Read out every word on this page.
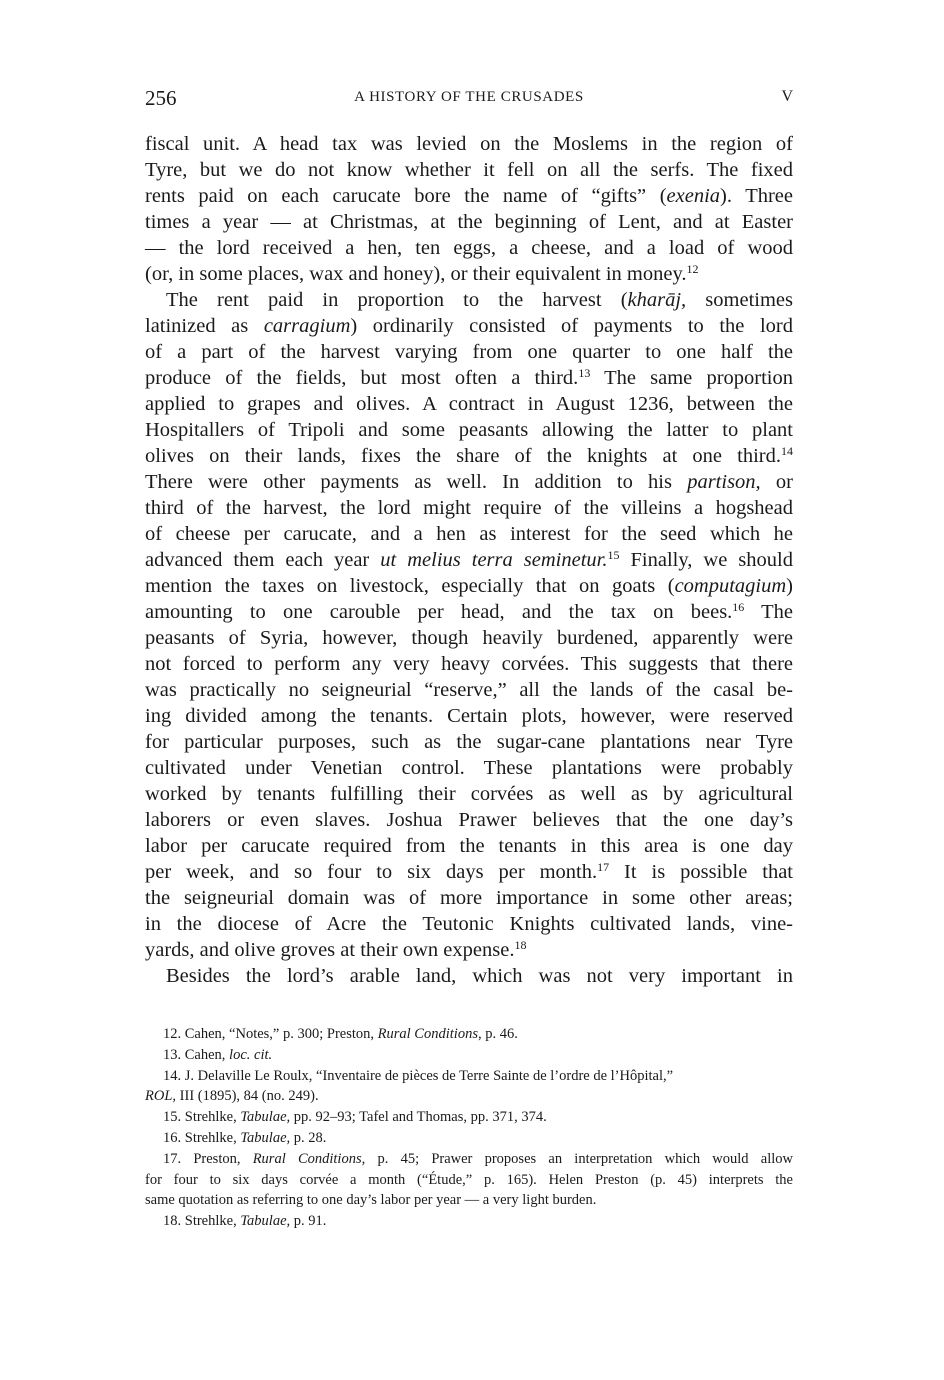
256	A HISTORY OF THE CRUSADES	V
fiscal unit. A head tax was levied on the Moslems in the region of
Tyre, but we do not know whether it fell on all the serfs. The fixed
rents paid on each carucate bore the name of “gifts” (exenia). Three
times a year — at Christmas, at the beginning of Lent, and at Easter
— the lord received a hen, ten eggs, a cheese, and a load of wood
(or, in some places, wax and honey), or their equivalent in money.$^{12}$
The rent paid in proportion to the harvest (kharāj, sometimes
latinized as carragium) ordinarily consisted of payments to the lord
of a part of the harvest varying from one quarter to one half the
produce of the fields, but most often a third.$^{13}$ The same proportion
applied to grapes and olives. A contract in August 1236, between the
Hospitallers of Tripoli and some peasants allowing the latter to plant
olives on their lands, fixes the share of the knights at one third.$^{14}$
There were other payments as well. In addition to his partison, or
third of the harvest, the lord might require of the villeins a hogshead
of cheese per carucate, and a hen as interest for the seed which he
advanced them each year ut melius terra seminetur.$^{15}$ Finally, we should
mention the taxes on livestock, especially that on goats (computagium)
amounting to one carouble per head, and the tax on bees.$^{16}$ The
peasants of Syria, however, though heavily burdened, apparently were
not forced to perform any very heavy corvées. This suggests that there
was practically no seigneurial “reserve,” all the lands of the casal be-
ing divided among the tenants. Certain plots, however, were reserved
for particular purposes, such as the sugar-cane plantations near Tyre
cultivated under Venetian control. These plantations were probably
worked by tenants fulfilling their corvées as well as by agricultural
laborers or even slaves. Joshua Prawer believes that the one day’s
labor per carucate required from the tenants in this area is one day
per week, and so four to six days per month.$^{17}$ It is possible that
the seigneurial domain was of more importance in some other areas;
in the diocese of Acre the Teutonic Knights cultivated lands, vine-
yards, and olive groves at their own expense.$^{18}$
Besides the lord’s arable land, which was not very important in
12. Cahen, “Notes,” p. 300; Preston, Rural Conditions, p. 46.
13. Cahen, loc. cit.
14. J. Delaville Le Roulx, “Inventaire de pièces de Terre Sainte de l’ordre de l’Hôpital,”
ROL, III (1895), 84 (no. 249).
15. Strehlke, Tabulae, pp. 92–93; Tafel and Thomas, pp. 371, 374.
16. Strehlke, Tabulae, p. 28.
17. Preston, Rural Conditions, p. 45; Prawer proposes an interpretation which would allow
for four to six days corvée a month (“Étude,” p. 165). Helen Preston (p. 45) interprets the
same quotation as referring to one day’s labor per year — a very light burden.
18. Strehlke, Tabulae, p. 91.
